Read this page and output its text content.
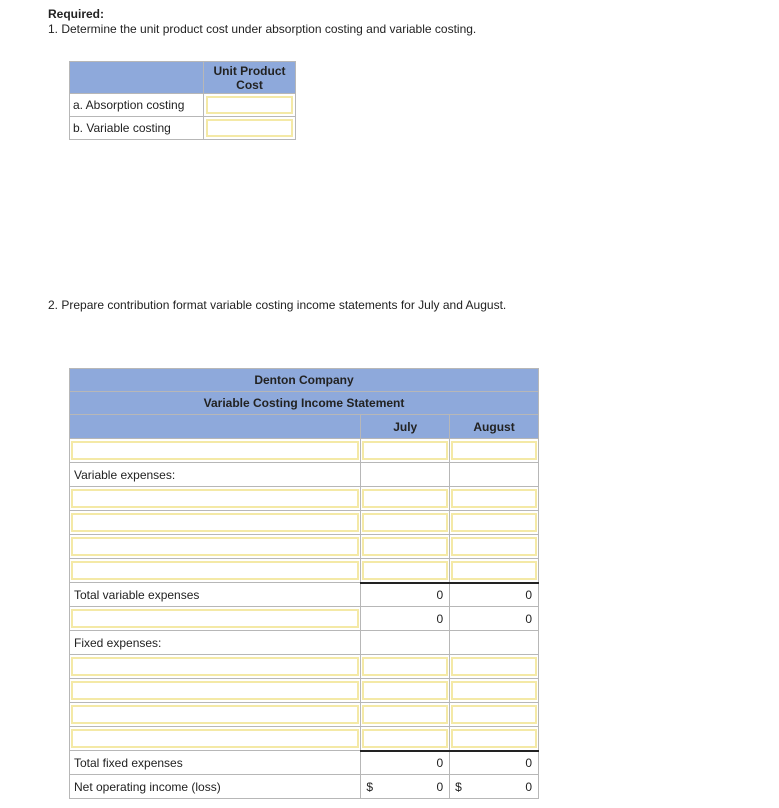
Required:
1. Determine the unit product cost under absorption costing and variable costing.
	Unit Product Cost
a. Absorption costing	

b. Variable costing	
2. Prepare contribution format variable costing income statements for July and August.
Denton Company		
Variable Costing Income Statement		
	July	August

Variable expenses:		

Total variable expenses	0	0

	0	0
Fixed expenses:		

Total fixed expenses	0	0
Net operating income (loss)	$ 0	$ 0
